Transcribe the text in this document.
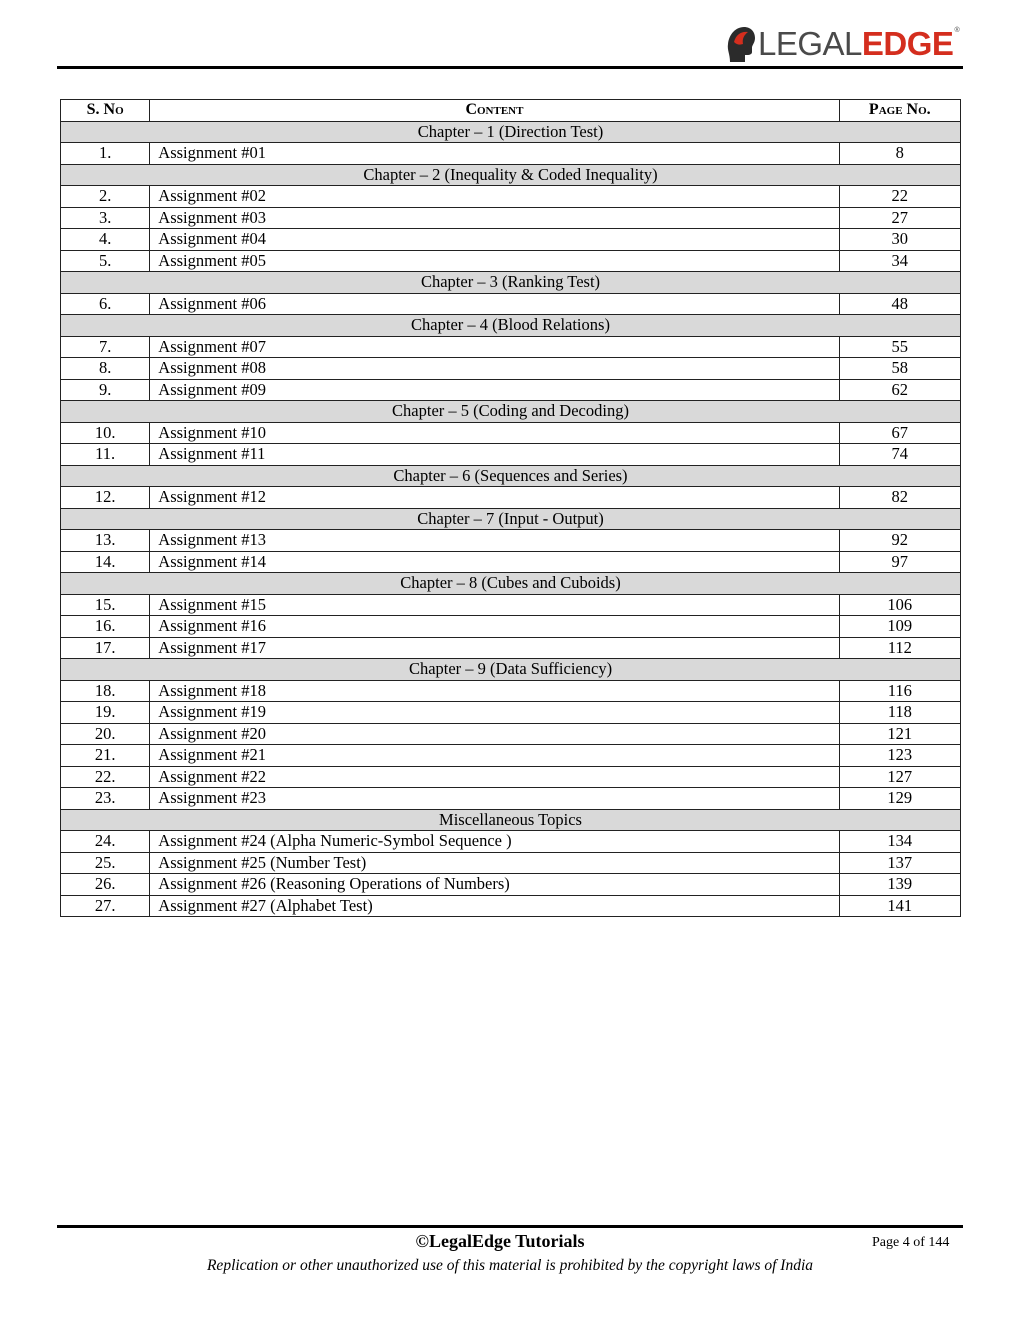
LEGALEDGE®
S. No	Content	Page No.
Chapter – 1 (Direction Test)		
1.	Assignment #01	8
Chapter – 2 (Inequality & Coded Inequality)		
2.	Assignment #02	22
3.	Assignment #03	27
4.	Assignment #04	30
5.	Assignment #05	34
Chapter – 3 (Ranking Test)		
6.	Assignment #06	48
Chapter – 4 (Blood Relations)		
7.	Assignment #07	55
8.	Assignment #08	58
9.	Assignment #09	62
Chapter – 5 (Coding and Decoding)		
10.	Assignment #10	67
11.	Assignment #11	74
Chapter – 6 (Sequences and Series)		
12.	Assignment #12	82
Chapter – 7 (Input - Output)		
13.	Assignment #13	92
14.	Assignment #14	97
Chapter – 8 (Cubes and Cuboids)		
15.	Assignment #15	106
16.	Assignment #16	109
17.	Assignment #17	112
Chapter – 9 (Data Sufficiency)		
18.	Assignment #18	116
19.	Assignment #19	118
20.	Assignment #20	121
21.	Assignment #21	123
22.	Assignment #22	127
23.	Assignment #23	129
Miscellaneous Topics		
24.	Assignment #24 (Alpha Numeric-Symbol Sequence )	134
25.	Assignment #25 (Number Test)	137
26.	Assignment #26 (Reasoning Operations of Numbers)	139
27.	Assignment #27 (Alphabet Test)	141
©LegalEdge Tutorials	Page 4 of 144
Replication or other unauthorized use of this material is prohibited by the copyright laws of India
